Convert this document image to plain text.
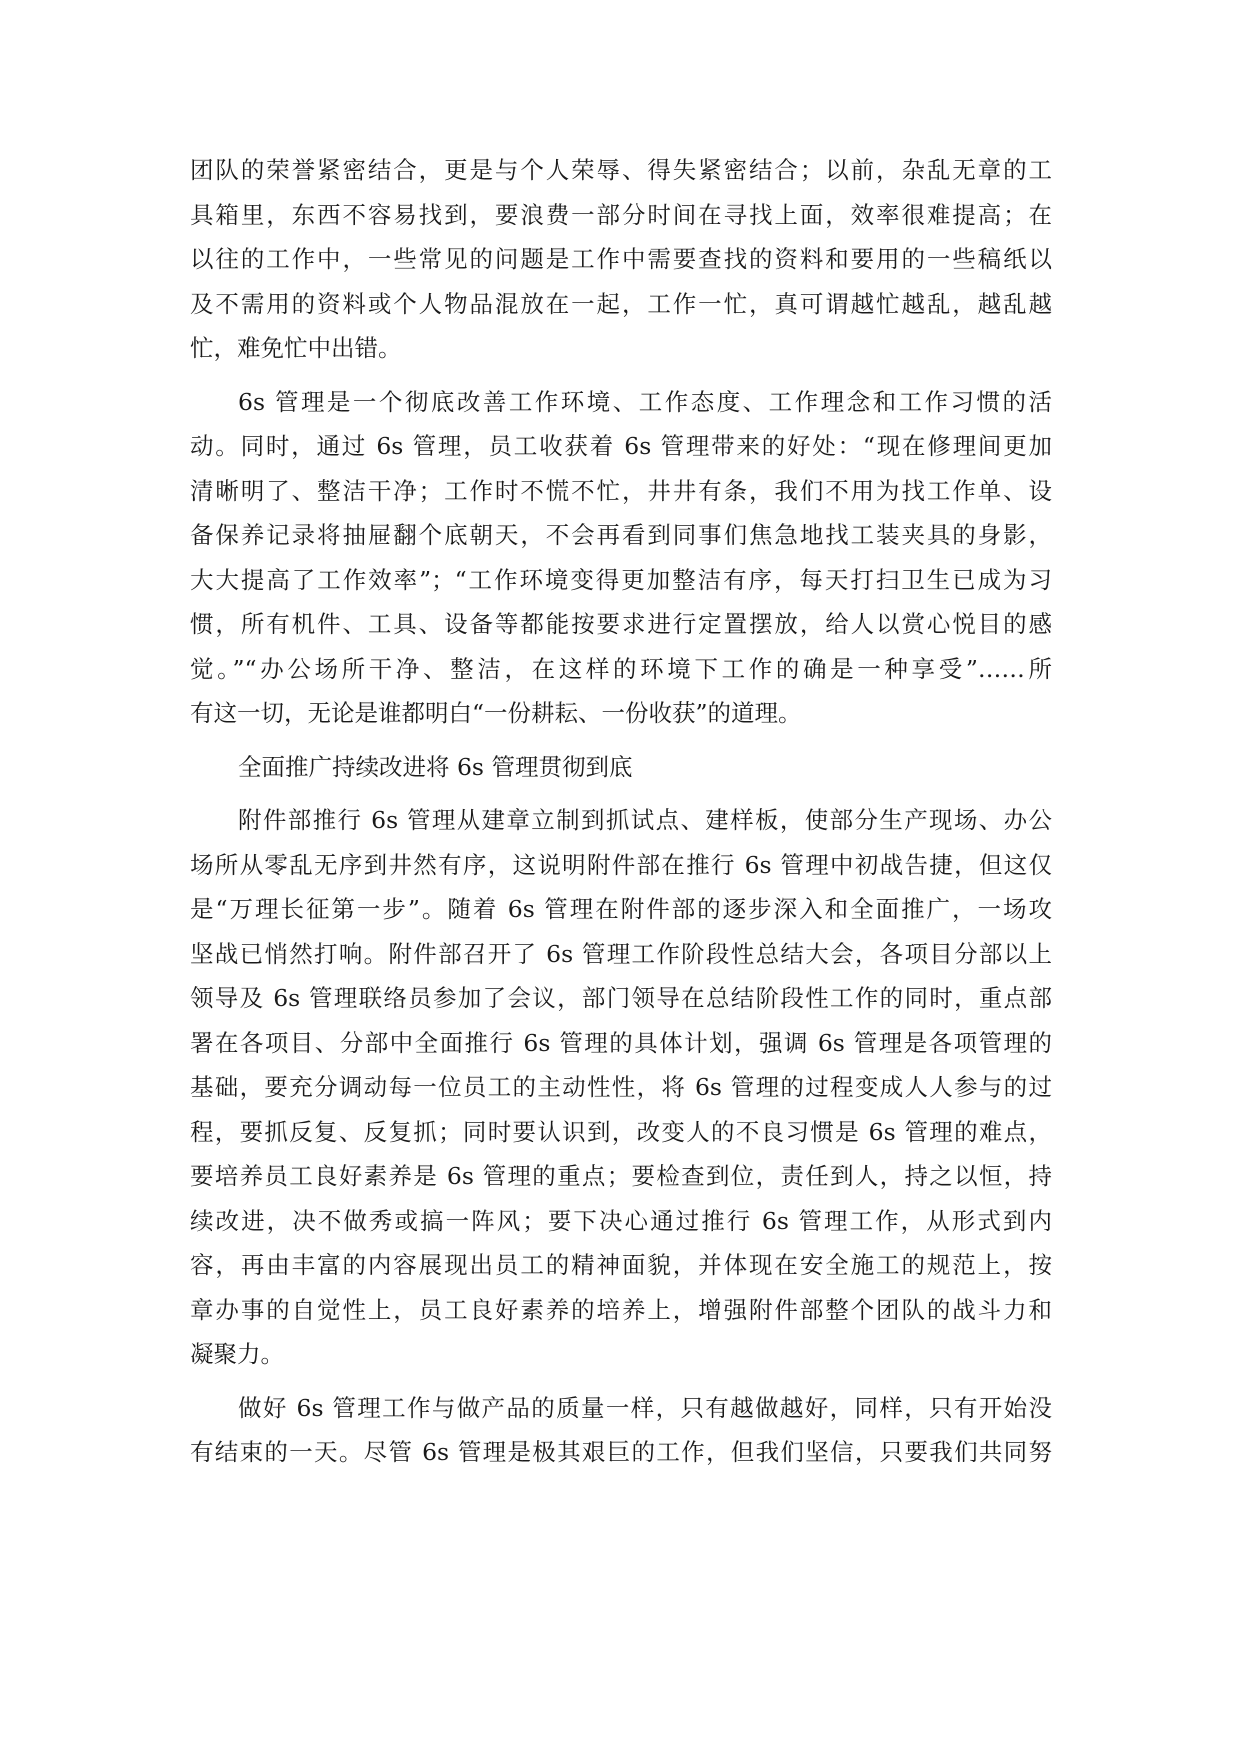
团队的荣誉紧密结合，更是与个人荣辱、得失紧密结合；以前，杂乱无章的工
具箱里，东西不容易找到，要浪费一部分时间在寻找上面，效率很难提高；在
以往的工作中，一些常见的问题是工作中需要查找的资料和要用的一些稿纸以
及不需用的资料或个人物品混放在一起，工作一忙，真可谓越忙越乱，越乱越
忙，难免忙中出错。
6s 管理是一个彻底改善工作环境、工作态度、工作理念和工作习惯的活
动。同时，通过 6s 管理，员工收获着 6s 管理带来的好处：“现在修理间更加
清晰明了、整洁干净；工作时不慌不忙，井井有条，我们不用为找工作单、设
备保养记录将抽屉翻个底朝天，不会再看到同事们焦急地找工装夹具的身影，
大大提高了工作效率”；“工作环境变得更加整洁有序，每天打扫卫生已成为习
惯，所有机件、工具、设备等都能按要求进行定置摆放，给人以赏心悦目的感
觉。”“办公场所干净、整洁，在这样的环境下工作的确是一种享受”……所
有这一切，无论是谁都明白“一份耕耘、一份收获”的道理。
全面推广持续改进将 6s 管理贯彻到底
附件部推行 6s 管理从建章立制到抓试点、建样板，使部分生产现场、办公
场所从零乱无序到井然有序，这说明附件部在推行 6s 管理中初战告捷，但这仅
是“万理长征第一步”。随着 6s 管理在附件部的逐步深入和全面推广，一场攻
坚战已悄然打响。附件部召开了 6s 管理工作阶段性总结大会，各项目分部以上
领导及 6s 管理联络员参加了会议，部门领导在总结阶段性工作的同时，重点部
署在各项目、分部中全面推行 6s 管理的具体计划，强调 6s 管理是各项管理的
基础，要充分调动每一位员工的主动性性，将 6s 管理的过程变成人人参与的过
程，要抓反复、反复抓；同时要认识到，改变人的不良习惯是 6s 管理的难点，
要培养员工良好素养是 6s 管理的重点；要检查到位，责任到人，持之以恒，持
续改进，决不做秀或搞一阵风；要下决心通过推行 6s 管理工作，从形式到内
容，再由丰富的内容展现出员工的精神面貌，并体现在安全施工的规范上，按
章办事的自觉性上，员工良好素养的培养上，增强附件部整个团队的战斗力和
凝聚力。
做好 6s 管理工作与做产品的质量一样，只有越做越好，同样，只有开始没
有结束的一天。尽管 6s 管理是极其艰巨的工作，但我们坚信，只要我们共同努
